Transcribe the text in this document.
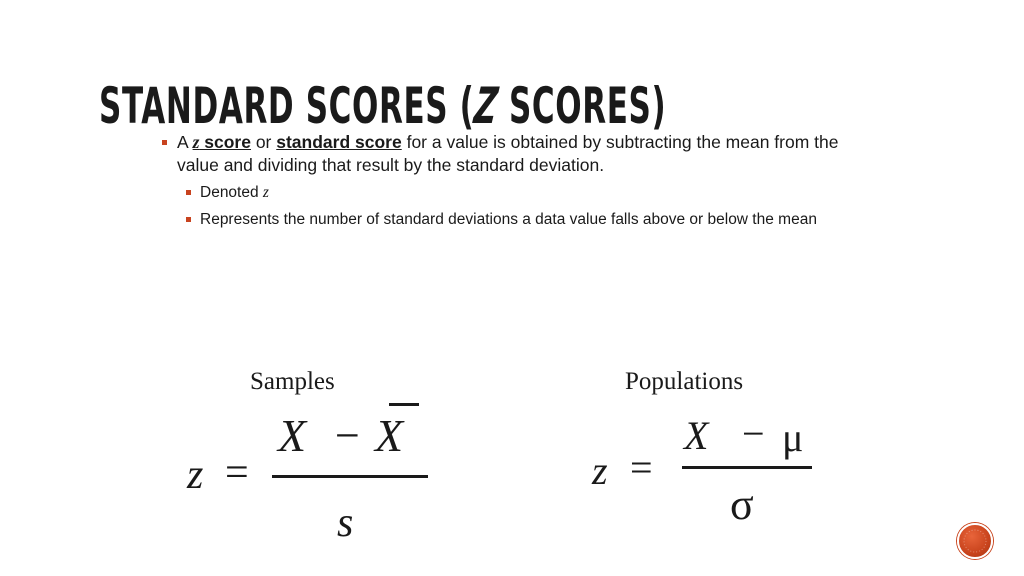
STANDARD SCORES (Z SCORES)
A z score or standard score for a value is obtained by subtracting the mean from the value and dividing that result by the standard deviation.
Denoted z
Represents the number of standard deviations a data value falls above or below the mean
Samples
z =
X − X
s
Populations
z =
X − μ
σ
